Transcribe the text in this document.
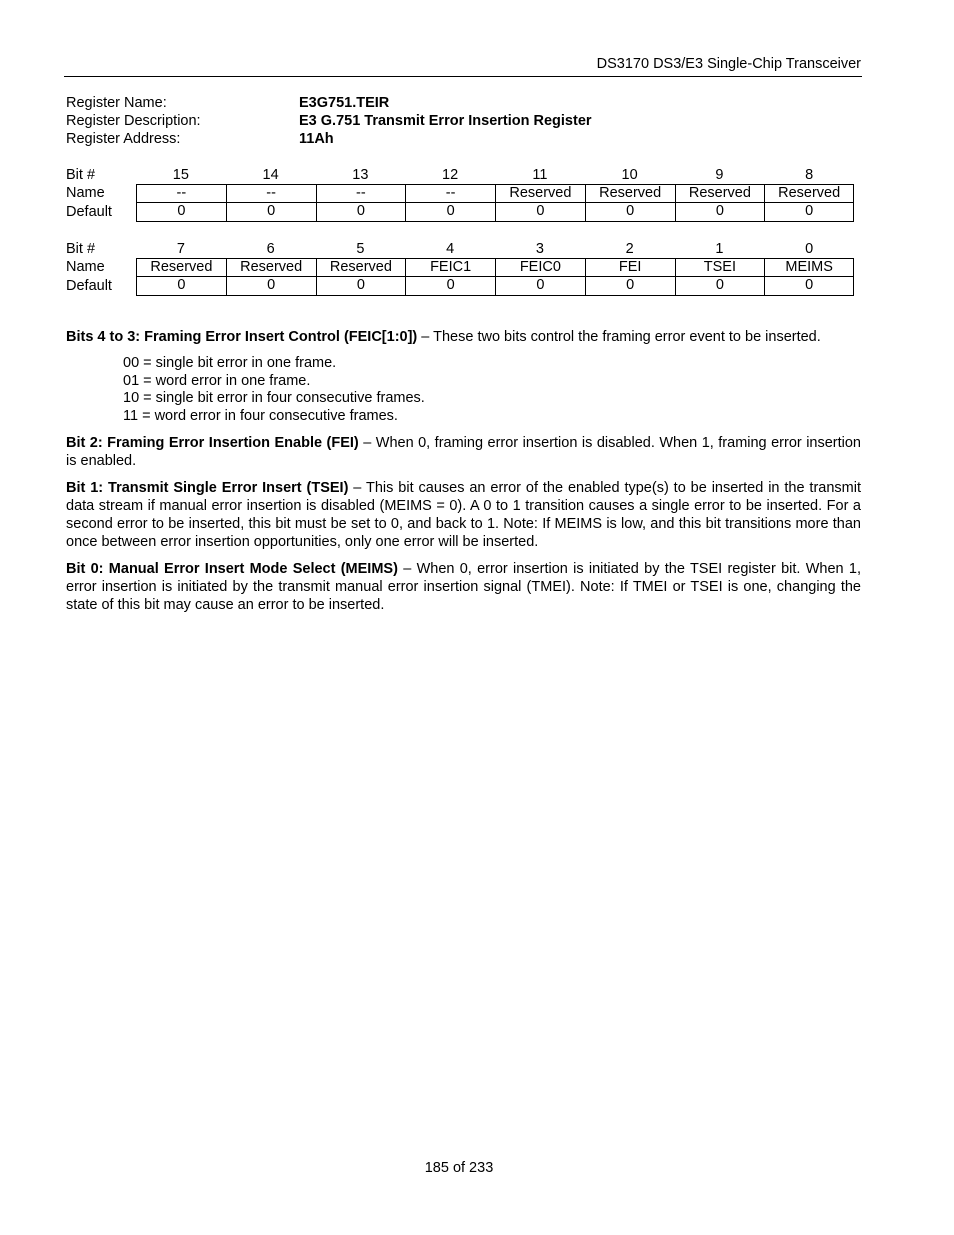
DS3170 DS3/E3 Single-Chip Transceiver
Register Name:	E3G751.TEIR
Register Description:	E3 G.751 Transmit Error Insertion Register
Register Address:	11Ah
Bit #	15	14	13	12	11	10	9	8
Name	--	--	--	--	Reserved	Reserved	Reserved	Reserved
Default	0	0	0	0	0	0	0	0
Bit #	7	6	5	4	3	2	1	0
Name	Reserved	Reserved	Reserved	FEIC1	FEIC0	FEI	TSEI	MEIMS
Default	0	0	0	0	0	0	0	0

Bits 4 to 3: Framing Error Insert Control (FEIC[1:0]) – These two bits control the framing error event to be inserted.

00 = single bit error in one frame.
01 = word error in one frame.
10 = single bit error in four consecutive frames.
11 = word error in four consecutive frames.

Bit 2: Framing Error Insertion Enable (FEI) – When 0, framing error insertion is disabled. When 1, framing error insertion is enabled.

Bit 1: Transmit Single Error Insert (TSEI) – This bit causes an error of the enabled type(s) to be inserted in the transmit data stream if manual error insertion is disabled (MEIMS = 0). A 0 to 1 transition causes a single error to be inserted. For a second error to be inserted, this bit must be set to 0, and back to 1. Note: If MEIMS is low, and this bit transitions more than once between error insertion opportunities, only one error will be inserted.

Bit 0: Manual Error Insert Mode Select (MEIMS) – When 0, error insertion is initiated by the TSEI register bit. When 1, error insertion is initiated by the transmit manual error insertion signal (TMEI). Note: If TMEI or TSEI is one, changing the state of this bit may cause an error to be inserted.

185 of 233
